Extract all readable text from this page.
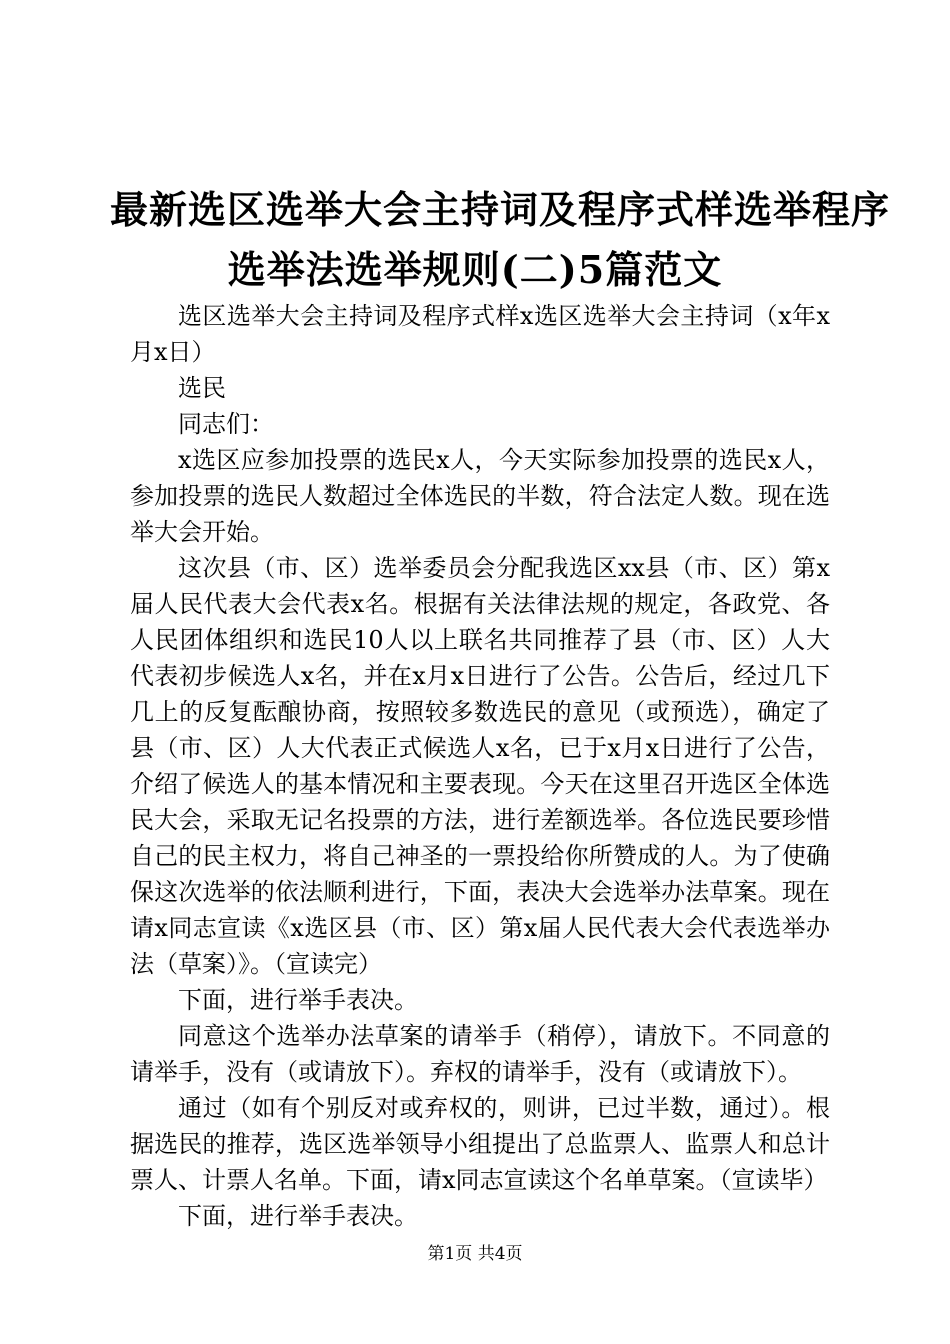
最新选区选举大会主持词及程序式样选举程序
选举法选举规则(二)5篇范文

选区选举大会主持词及程序式样x选区选举大会主持词（x年x月x日）

选民

同志们：

x选区应参加投票的选民x人，今天实际参加投票的选民x人，参加投票的选民人数超过全体选民的半数，符合法定人数。现在选举大会开始。

这次县（市、区）选举委员会分配我选区xx县（市、区）第x届人民代表大会代表x名。根据有关法律法规的规定，各政党、各人民团体组织和选民10人以上联名共同推荐了县（市、区）人大代表初步候选人x名，并在x月x日进行了公告。公告后，经过几下几上的反复酝酿协商，按照较多数选民的意见（或预选），确定了县（市、区）人大代表正式候选人x名，已于x月x日进行了公告，介绍了候选人的基本情况和主要表现。今天在这里召开选区全体选民大会，采取无记名投票的方法，进行差额选举。各位选民要珍惜自己的民主权力，将自己神圣的一票投给你所赞成的人。为了使确保这次选举的依法顺利进行，下面，表决大会选举办法草案。现在请x同志宣读《x选区县（市、区）第x届人民代表大会代表选举办法（草案）》。（宣读完）

下面，进行举手表决。

同意这个选举办法草案的请举手（稍停），请放下。不同意的请举手，没有（或请放下）。弃权的请举手，没有（或请放下）。

通过（如有个别反对或弃权的，则讲，已过半数，通过）。根据选民的推荐，选区选举领导小组提出了总监票人、监票人和总计票人、计票人名单。下面，请x同志宣读这个名单草案。（宣读毕）

下面，进行举手表决。

第1页 共4页
